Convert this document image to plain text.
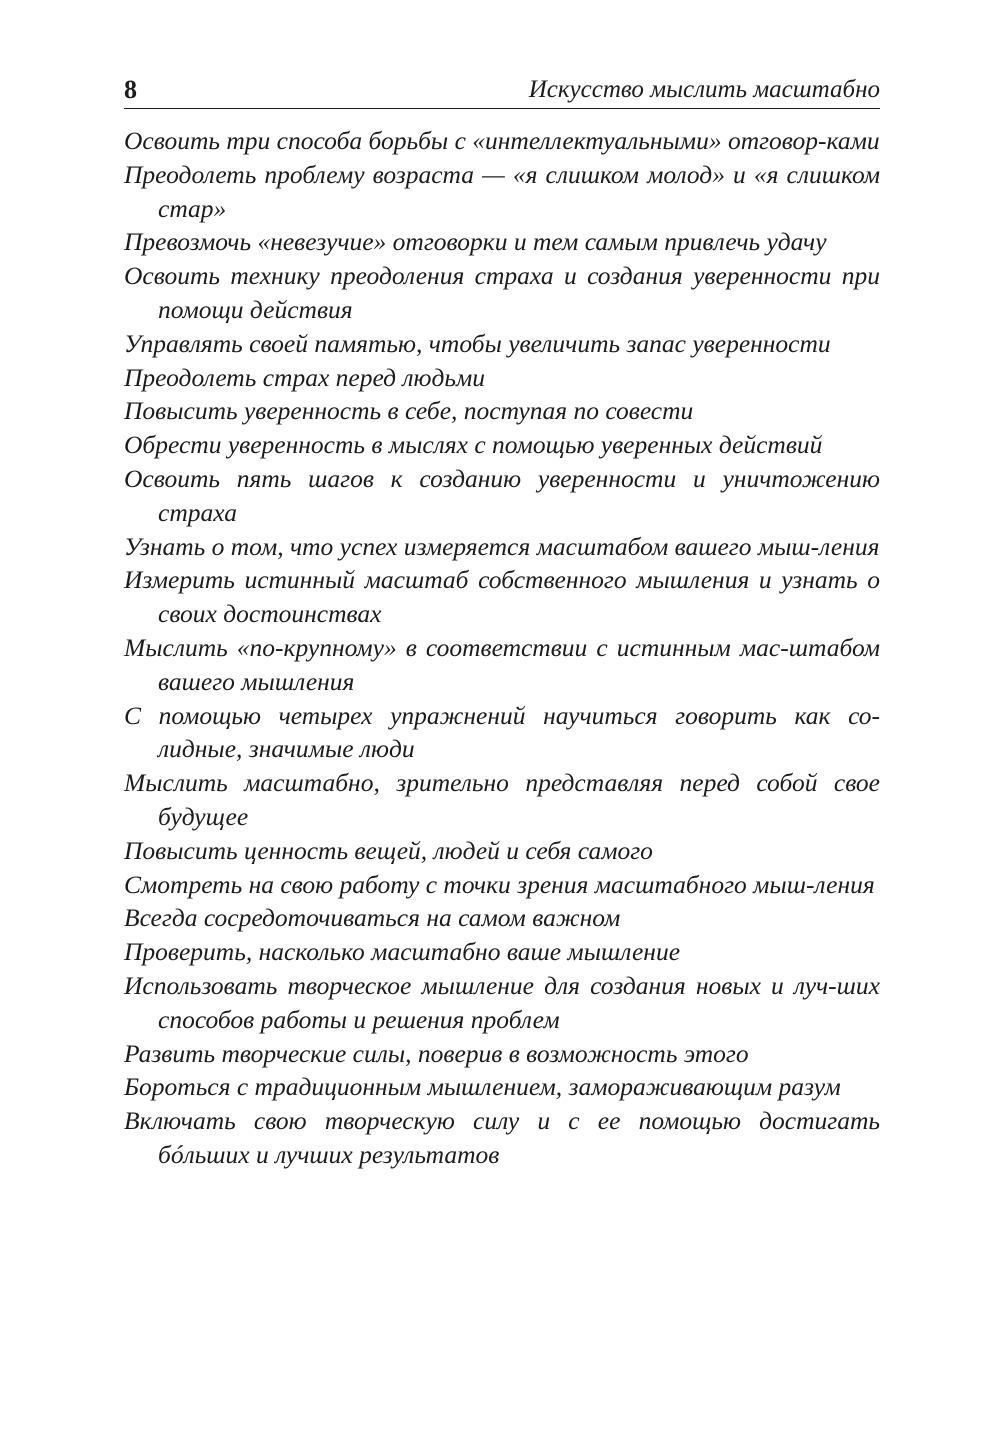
8	Искусство мыслить масштабно
Освоить три способа борьбы с «интеллектуальными» отговор-ками
Преодолеть проблему возраста — «я слишком молод» и «я слишком стар»
Превозмочь «невезучие» отговорки и тем самым привлечь удачу
Освоить технику преодоления страха и создания уверенности при помощи действия
Управлять своей памятью, чтобы увеличить запас уверенности
Преодолеть страх перед людьми
Повысить уверенность в себе, поступая по совести
Обрести уверенность в мыслях с помощью уверенных действий
Освоить пять шагов к созданию уверенности и уничтожению страха
Узнать о том, что успех измеряется масштабом вашего мыш-ления
Измерить истинный масштаб собственного мышления и узнать о своих достоинствах
Мыслить «по-крупному» в соответствии с истинным мас-штабом вашего мышления
С помощью четырех упражнений научиться говорить как со-лидные, значимые люди
Мыслить масштабно, зрительно представляя перед собой свое будущее
Повысить ценность вещей, людей и себя самого
Смотреть на свою работу с точки зрения масштабного мыш-ления
Всегда сосредоточиваться на самом важном
Проверить, насколько масштабно ваше мышление
Использовать творческое мышление для создания новых и луч-ших способов работы и решения проблем
Развить творческие силы, поверив в возможность этого
Бороться с традиционным мышлением, замораживающим разум
Включать свою творческую силу и с ее помощью достигать бóльших и лучших результатов
